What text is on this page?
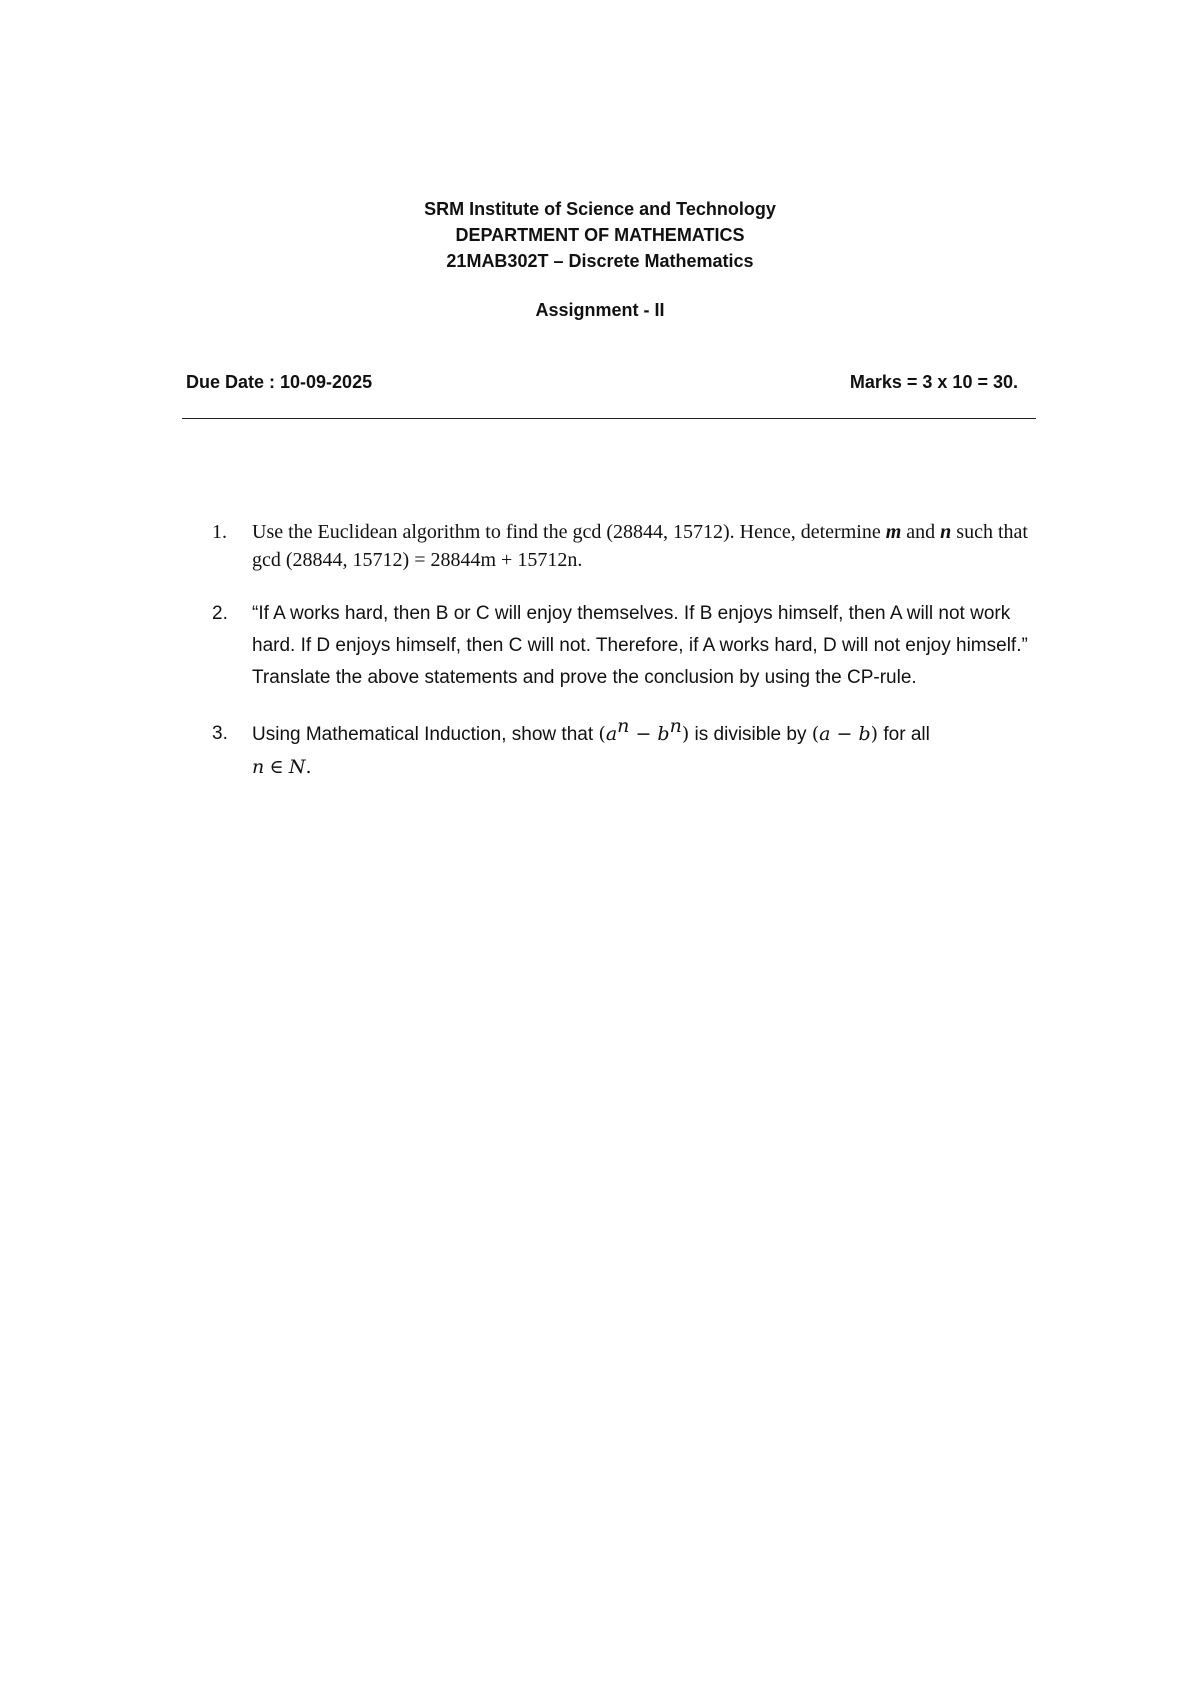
SRM Institute of Science and Technology

DEPARTMENT OF MATHEMATICS

21MAB302T – Discrete Mathematics

Assignment - II
Due Date : 10-09-2025	Marks = 3 x 10 = 30.
1. Use the Euclidean algorithm to find the gcd (28844, 15712). Hence, determine m and n such that gcd (28844, 15712) = 28844m + 15712n.
2. “If A works hard, then B or C will enjoy themselves. If B enjoys himself, then A will not work hard. If D enjoys himself, then C will not. Therefore, if A works hard, D will not enjoy himself.” Translate the above statements and prove the conclusion by using the CP-rule.
3. Using Mathematical Induction, show that $(a^n - b^n)$ is divisible by (a − b) for all
n ∈ N.
